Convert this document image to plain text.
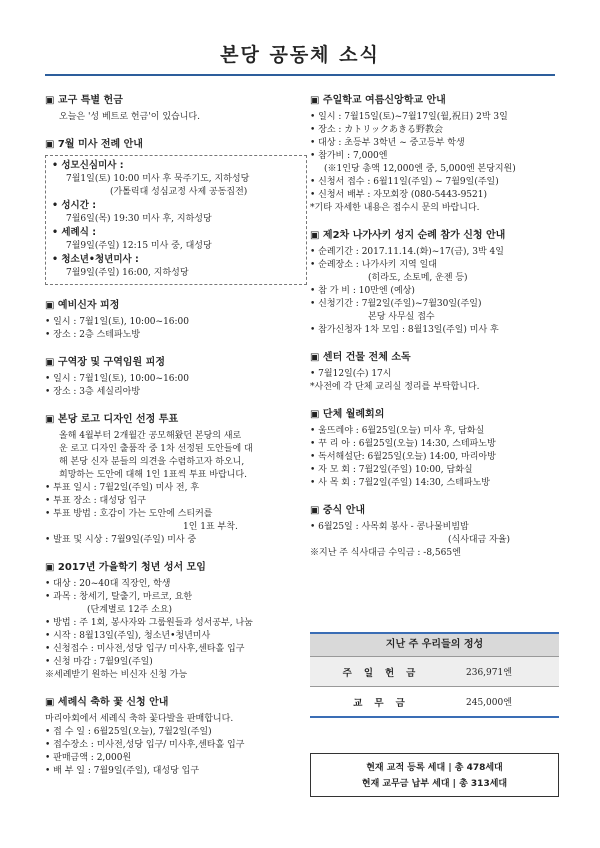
본당 공동체 소식
▣ 교구 특별 헌금
오늘은 '성 베트로 헌금'이 있습니다.
▣ 7월 미사 전례 안내
• 성모신심미사 :
7월1일(토) 10:00 미사 후 묵주기도, 지하성당
(가톨릭대 성심교정 사제 공동집전)
• 성시간 :
7월6일(목) 19:30 미사 후, 지하성당
• 세례식 :
7월9일(주일) 12:15 미사 중, 대성당
• 청소년•청년미사 :
7월9일(주일) 16:00, 지하성당
▣ 예비신자 피정
• 일시 : 7월1일(토), 10:00~16:00
• 장소 : 2층 스테파노방
▣ 구역장 및 구역임원 피정
• 일시 : 7월1일(토), 10:00~16:00
• 장소 : 3층 세실리아방
▣ 본당 로고 디자인 선정 투표
올해 4월부터 2개월간 공모해왔던 본당의 새로
운 로고 디자인 출품작 중 1차 선정된 도안들에 대
해 본당 신자 분들의 의견을 수렴하고자 하오니,
희망하는 도안에 대해 1인 1표씩 투표 바랍니다.
• 투표 일시 : 7월2일(주일) 미사 전, 후
• 투표 장소 : 대성당 입구
• 투표 방법 : 호감이 가는 도안에 스티커를
1인 1표 부착.
• 발표 및 시상 : 7월9일(주일) 미사 중
▣ 2017년 가을학기 청년 성서 모임
• 대상 : 20~40대 직장인, 학생
• 과목 : 창세기, 탈출기, 마르코, 요한
(단계별로 12주 소요)
• 방법 : 주 1회, 봉사자와 그룹원들과 성서공부, 나눔
• 시작 : 8월13일(주일), 청소년•청년미사
• 신청접수 : 미사전,성당 입구/ 미사후,센타홀 입구
• 신청 마감 : 7월9일(주일)
※세례받기 원하는 비신자 신청 가능
▣ 세례식 축하 꽃 신청 안내
마리아회에서 세례식 축하 꽃다발을 판매합니다.
• 접 수 일 : 6월25일(오늘), 7월2일(주일)
• 접수장소 : 미사전,성당 입구/ 미사후,센타홀 입구
• 판매금액 : 2,000원
• 배 부 일 : 7월9일(주일), 대성당 입구
▣ 주일학교 여름신앙학교 안내
• 일시 : 7월15일(토)~7월17일(월,祝日) 2박 3일
• 장소 : カトリックあきる野教会
• 대상 : 초등부 3학년 ~ 중고등부 학생
• 참가비 : 7,000엔
(※1인당 총액 12,000엔 중, 5,000엔 본당지원)
• 신청서 접수 : 6월11일(주일) ~ 7월9일(주일)
• 신청서 배부 : 자모회장 (080-5443-9521)
*기타 자세한 내용은 접수시 문의 바랍니다.
▣ 제2차 나가사키 성지 순례 참가 신청 안내
• 순례기간 : 2017.11.14.(화)~17(금), 3박 4일
• 순례장소 : 나가사키 지역 일대
(히라도, 소토메, 운젠 등)
• 참 가 비 : 10만엔 (예상)
• 신청기간 : 7월2일(주일)~7월30일(주일)
본당 사무실 접수
• 참가신청자 1차 모임 : 8월13일(주일) 미사 후
▣ 센터 건물 전체 소독
• 7월12일(수) 17시
*사전에 각 단체 교리실 정리를 부탁합니다.
▣ 단체 월례회의
• 울뜨레야 : 6월25일(오늘) 미사 후, 담화실
• 꾸 리 아 : 6월25일(오늘) 14:30, 스테파노방
• 독서해설단: 6월25일(오늘) 14:00, 마리아방
• 자 모 회 : 7월2일(주일) 10:00, 담화실
• 사 목 회 : 7월2일(주일) 14:30, 스테파노방
▣ 중식 안내
• 6월25일 : 사목회 봉사 - 콩나물비빔밥
(식사대금 자율)
※지난 주 식사대금 수익금 : -8,565엔
지난 주 우리들의 정성
주일헌금	236,971엔
교무금	245,000엔
현재 교적 등록 세대 | 총 478세대
현재 교무금 납부 세대 | 총 313세대
